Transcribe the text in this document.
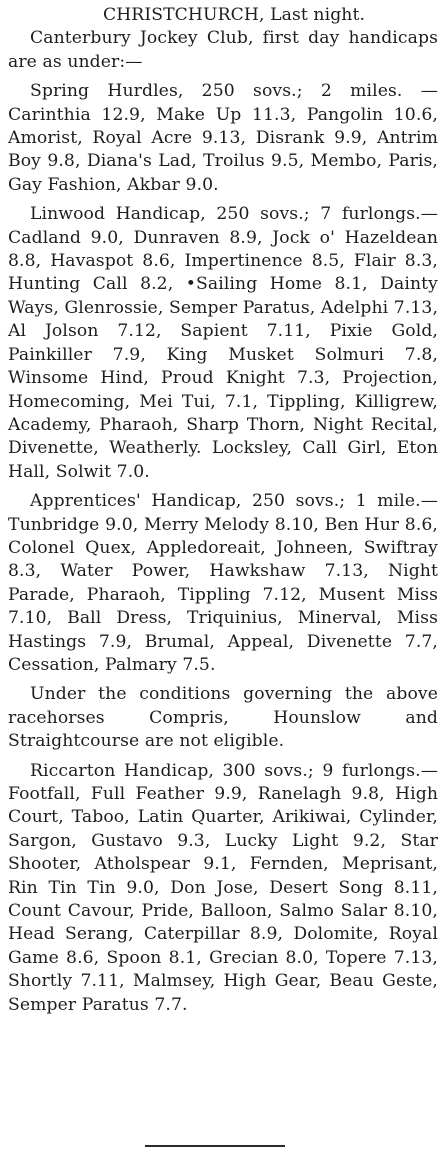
CHRISTCHURCH, Last night.

Canterbury Jockey Club, first day handicaps are as under:—

Spring Hurdles, 250 sovs.; 2 miles. —Carinthia 12.9, Make Up 11.3, Pangolin 10.6, Amorist, Royal Acre 9.13, Disrank 9.9, Antrim Boy 9.8, Diana's Lad, Troilus 9.5, Membo, Paris, Gay Fashion, Akbar 9.0.

Linwood Handicap, 250 sovs.; 7 furlongs.—Cadland 9.0, Dunraven 8.9, Jock o' Hazeldean 8.8, Havaspot 8.6, Impertinence 8.5, Flair 8.3, Hunting Call 8.2, •Sailing Home 8.1, Dainty Ways, Glenrossie, Semper Paratus, Adelphi 7.13, Al Jolson 7.12, Sapient 7.11, Pixie Gold, Painkiller 7.9, King Musket Solmuri 7.8, Winsome Hind, Proud Knight 7.3, Projection, Homecoming, Mei Tui, 7.1, Tippling, Killigrew, Academy, Pharaoh, Sharp Thorn, Night Recital, Divenette, Weatherly. Locksley, Call Girl, Eton Hall, Solwit 7.0.

Apprentices' Handicap, 250 sovs.; 1 mile.—Tunbridge 9.0, Merry Melody 8.10, Ben Hur 8.6, Colonel Quex, Appledoreait, Johneen, Swiftray 8.3, Water Power, Hawkshaw 7.13, Night Parade, Pharaoh, Tippling 7.12, Musent Miss 7.10, Ball Dress, Triquinius, Minerval, Miss Hastings 7.9, Brumal, Appeal, Divenette 7.7, Cessation, Palmary 7.5.

Under the conditions governing the above racehorses Compris, Hounslow and Straightcourse are not eligible.

Riccarton Handicap, 300 sovs.; 9 furlongs.—Footfall, Full Feather 9.9, Ranelagh 9.8, High Court, Taboo, Latin Quarter, Arikiwai, Cylinder, Sargon, Gustavo 9.3, Lucky Light 9.2, Star Shooter, Atholspear 9.1, Fernden, Meprisant, Rin Tin Tin 9.0, Don Jose, Desert Song 8.11, Count Cavour, Pride, Balloon, Salmo Salar 8.10, Head Serang, Caterpillar 8.9, Dolomite, Royal Game 8.6, Spoon 8.1, Grecian 8.0, Topere 7.13, Shortly 7.11, Malmsey, High Gear, Beau Geste, Semper Paratus 7.7.
